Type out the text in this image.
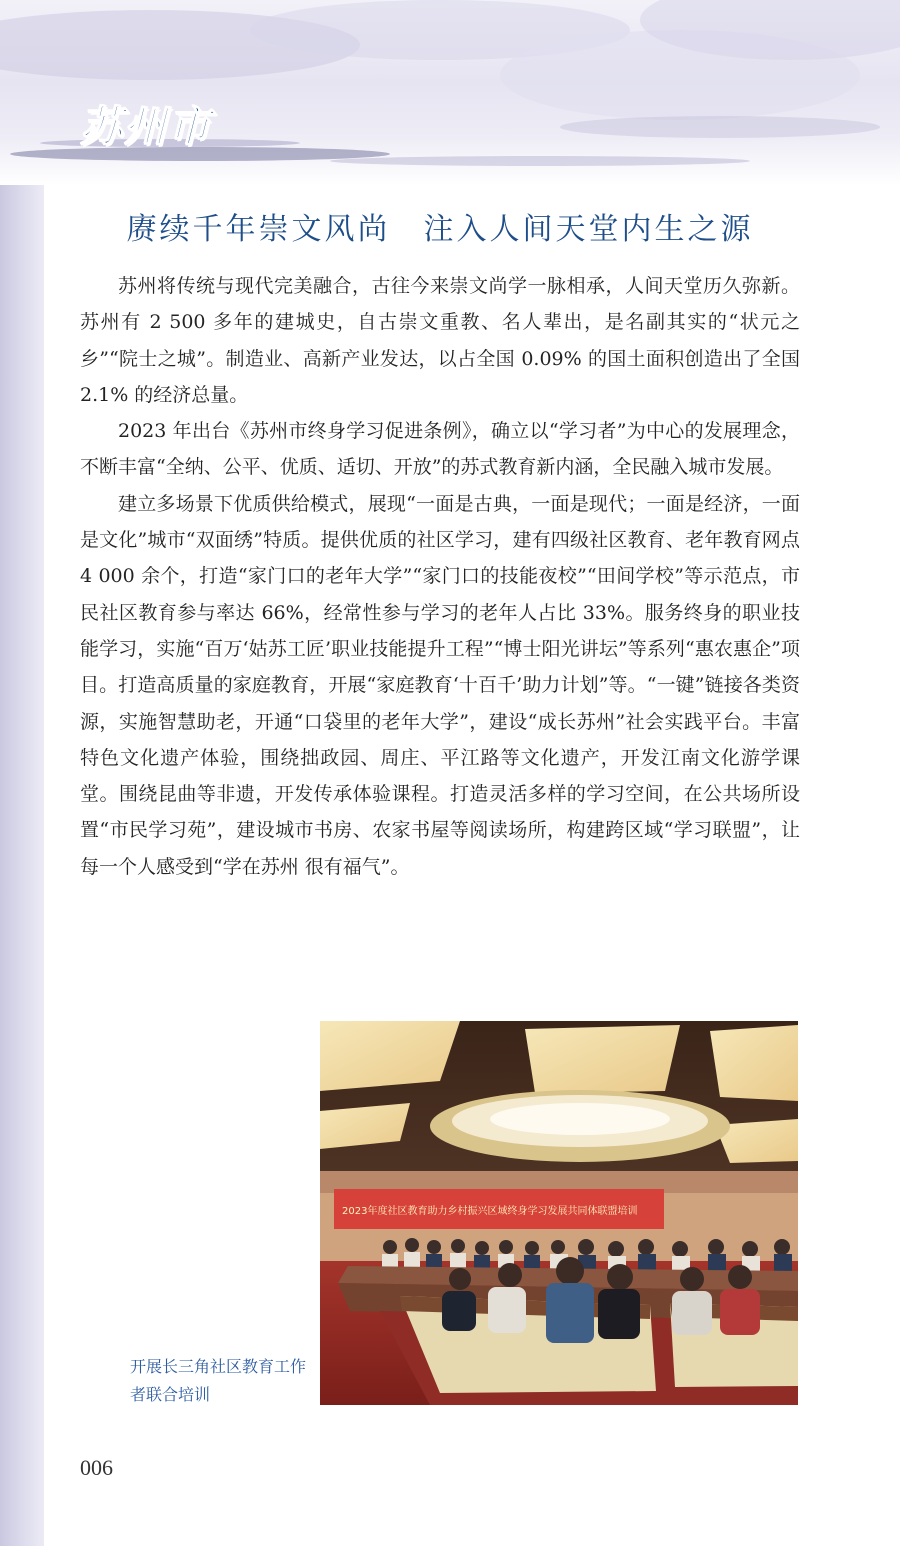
苏州市
赓续千年崇文风尚　注入人间天堂内生之源

苏州将传统与现代完美融合，古往今来崇文尚学一脉相承，人间天堂历久弥新。苏州有 2 500 多年的建城史，自古崇文重教、名人辈出，是名副其实的“状元之乡”“院士之城”。制造业、高新产业发达，以占全国 0.09% 的国土面积创造出了全国 2.1% 的经济总量。

2023 年出台《苏州市终身学习促进条例》，确立以“学习者”为中心的发展理念，不断丰富“全纳、公平、优质、适切、开放”的苏式教育新内涵，全民融入城市发展。

建立多场景下优质供给模式，展现“一面是古典，一面是现代；一面是经济，一面是文化”城市“双面绣”特质。提供优质的社区学习，建有四级社区教育、老年教育网点 4 000 余个，打造“家门口的老年大学”“家门口的技能夜校”“田间学校”等示范点，市民社区教育参与率达 66%，经常性参与学习的老年人占比 33%。服务终身的职业技能学习，实施“百万‘姑苏工匠’职业技能提升工程”“博士阳光讲坛”等系列“惠农惠企”项目。打造高质量的家庭教育，开展“家庭教育‘十百千’助力计划”等。“一键”链接各类资源，实施智慧助老，开通“口袋里的老年大学”，建设“成长苏州”社会实践平台。丰富特色文化遗产体验，围绕拙政园、周庄、平江路等文化遗产，开发江南文化游学课堂。围绕昆曲等非遗，开发传承体验课程。打造灵活多样的学习空间，在公共场所设置“市民学习苑”，建设城市书房、农家书屋等阅读场所，构建跨区域“学习联盟”，让每一个人感受到“学在苏州 很有福气”。

2023年度社区教育助力乡村振兴区域终身学习发展共同体联盟培训

开展长三角社区教育工作者联合培训

006
